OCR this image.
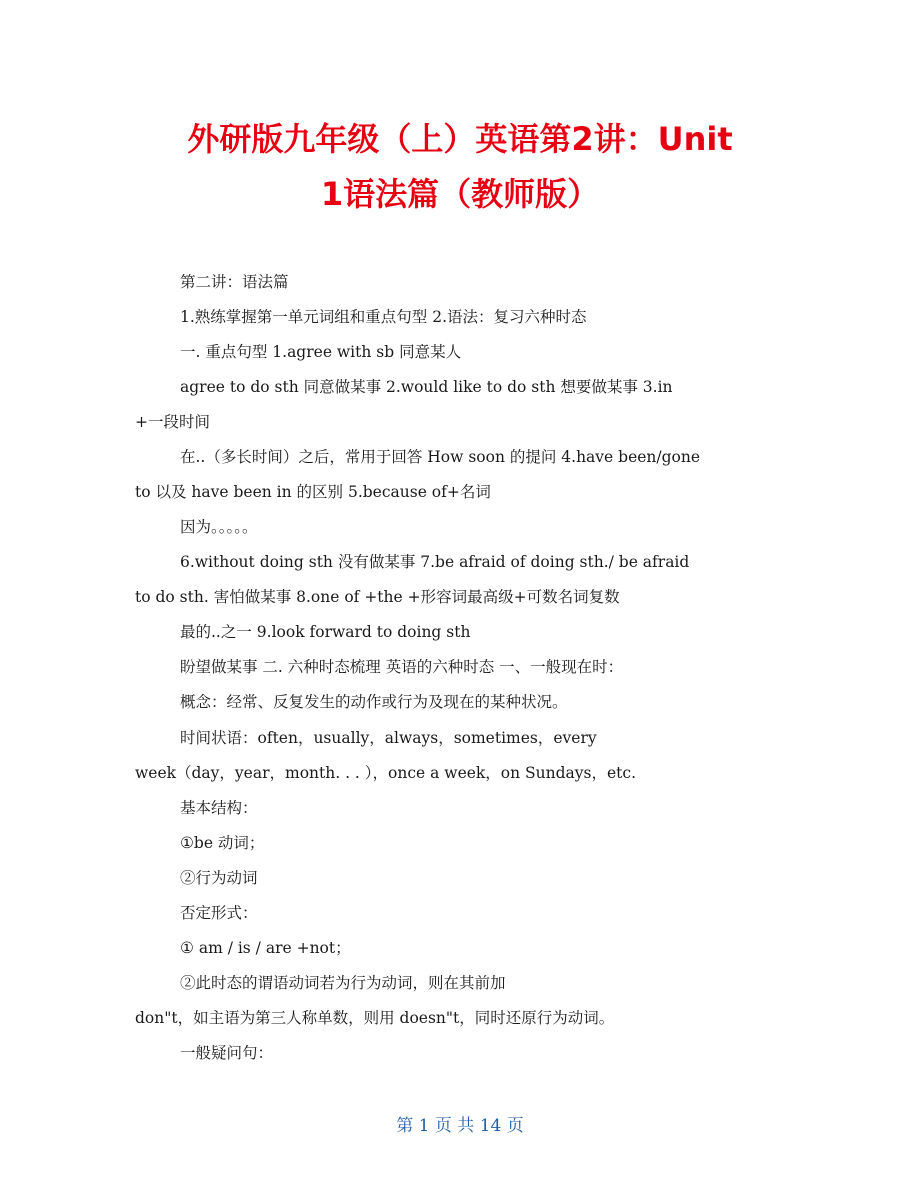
外研版九年级（上）英语第2讲：Unit
1语法篇（教师版）
第二讲：语法篇
1.熟练掌握第一单元词组和重点句型 2.语法：复习六种时态
一. 重点句型 1.agree with sb 同意某人
agree to do sth 同意做某事 2.would like to do sth 想要做某事 3.in
+一段时间
在..（多长时间）之后，常用于回答 How soon 的提问 4.have been/gone
to 以及 have been in 的区别 5.because of+名词
因为。。。。。
6.without doing sth 没有做某事 7.be afraid of doing sth./ be afraid
to do sth. 害怕做某事 8.one of +the +形容词最高级+可数名词复数
最的..之一 9.look forward to doing sth
盼望做某事 二. 六种时态梳理 英语的六种时态 一、一般现在时：
概念：经常、反复发生的动作或行为及现在的某种状况。
时间状语：often，usually，always，sometimes，every
week（day，year，month. . . ），once a week，on Sundays，etc.
基本结构：
①be 动词；
②行为动词
否定形式：
① am / is / are +not；
②此时态的谓语动词若为行为动词，则在其前加
don"t，如主语为第三人称单数，则用 doesn"t，同时还原行为动词。
一般疑问句：
第 1 页 共 14 页
